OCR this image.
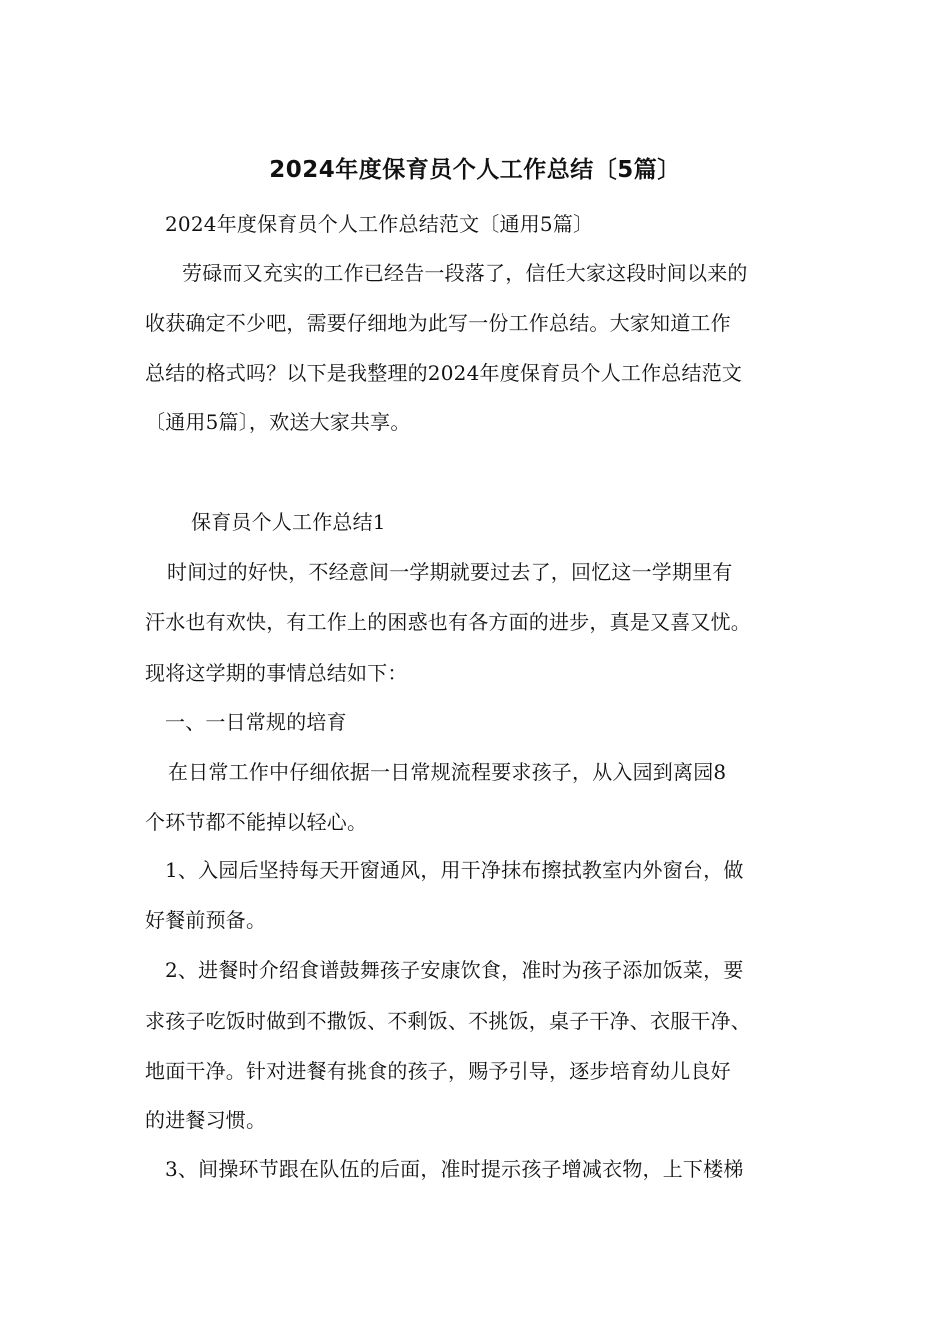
2024年度保育员个人工作总结〔5篇〕
2024年度保育员个人工作总结范文〔通用5篇〕
劳碌而又充实的工作已经告一段落了，信任大家这段时间以来的
收获确定不少吧，需要仔细地为此写一份工作总结。大家知道工作
总结的格式吗？以下是我整理的2024年度保育员个人工作总结范文
〔通用5篇〕，欢送大家共享。
保育员个人工作总结1
时间过的好快，不经意间一学期就要过去了，回忆这一学期里有
汗水也有欢快，有工作上的困惑也有各方面的进步，真是又喜又忧。
现将这学期的事情总结如下：
一、一日常规的培育
在日常工作中仔细依据一日常规流程要求孩子，从入园到离园8
个环节都不能掉以轻心。
1、入园后坚持每天开窗通风，用干净抹布擦拭教室内外窗台，做
好餐前预备。
2、进餐时介绍食谱鼓舞孩子安康饮食，准时为孩子添加饭菜，要
求孩子吃饭时做到不撒饭、不剩饭、不挑饭，桌子干净、衣服干净、
地面干净。针对进餐有挑食的孩子，赐予引导，逐步培育幼儿良好
的进餐习惯。
3、间操环节跟在队伍的后面，准时提示孩子增减衣物，上下楼梯
